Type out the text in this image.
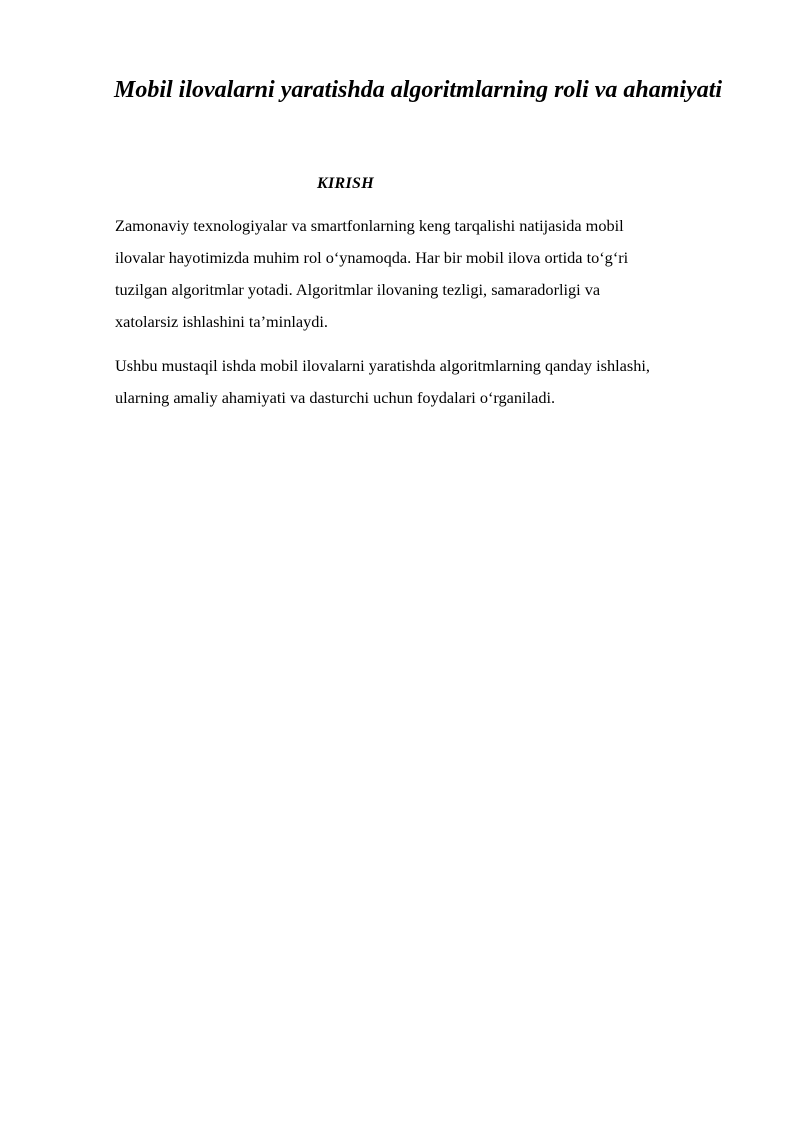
Mobil ilovalarni yaratishda algoritmlarning roli va ahamiyati
KIRISH

Zamonaviy texnologiyalar va smartfonlarning keng tarqalishi natijasida mobil
ilovalar hayotimizda muhim rol o‘ynamoqda. Har bir mobil ilova ortida to‘g‘ri
tuzilgan algoritmlar yotadi. Algoritmlar ilovaning tezligi, samaradorligi va
xatolarsiz ishlashini ta’minlaydi.

Ushbu mustaqil ishda mobil ilovalarni yaratishda algoritmlarning qanday ishlashi,
ularning amaliy ahamiyati va dasturchi uchun foydalari o‘rganiladi.
